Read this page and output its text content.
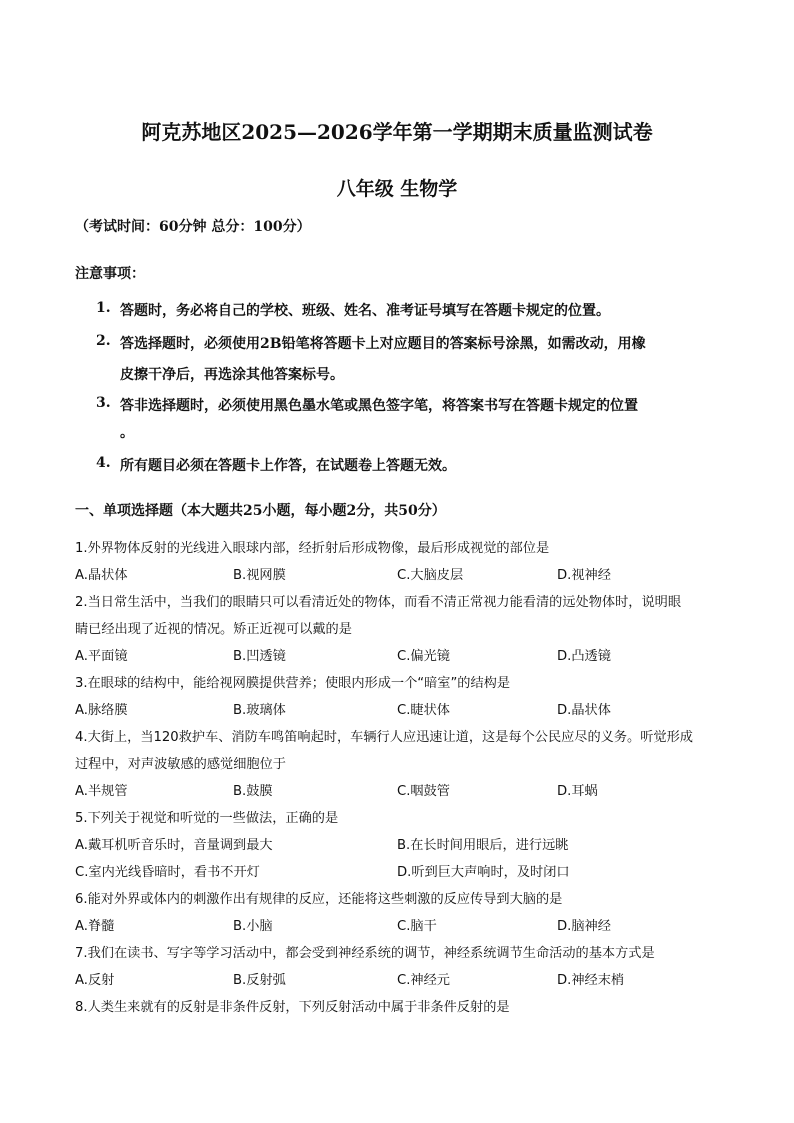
阿克苏地区2025—2026学年第一学期期末质量监测试卷
八年级 生物学
（考试时间：60分钟 总分：100分）
注意事项：
1. 答题时，务必将自己的学校、班级、姓名、准考证号填写在答题卡规定的位置。
2. 答选择题时，必须使用2B铅笔将答题卡上对应题目的答案标号涂黑，如需改动，用橡
皮擦干净后，再选涂其他答案标号。
3. 答非选择题时，必须使用黑色墨水笔或黑色签字笔，将答案书写在答题卡规定的位置
。
4. 所有题目必须在答题卡上作答，在试题卷上答题无效。
一、单项选择题（本大题共25小题，每小题2分，共50分）
1.外界物体反射的光线进入眼球内部，经折射后形成物像，最后形成视觉的部位是
A.晶状体	B.视网膜	C.大脑皮层	D.视神经
2.当日常生活中，当我们的眼睛只可以看清近处的物体，而看不清正常视力能看清的远处物体时，说明眼
睛已经出现了近视的情况。矫正近视可以戴的是
A.平面镜	B.凹透镜	C.偏光镜	D.凸透镜
3.在眼球的结构中，能给视网膜提供营养；使眼内形成一个“暗室”的结构是
A.脉络膜	B.玻璃体	C.睫状体	D.晶状体
4.大街上，当120救护车、消防车鸣笛响起时，车辆行人应迅速让道，这是每个公民应尽的义务。听觉形成
过程中，对声波敏感的感觉细胞位于
A.半规管	B.鼓膜	C.咽鼓管	D.耳蜗
5.下列关于视觉和听觉的一些做法，正确的是
A.戴耳机听音乐时，音量调到最大	B.在长时间用眼后，进行远眺
C.室内光线昏暗时，看书不开灯	D.听到巨大声响时，及时闭口
6.能对外界或体内的刺激作出有规律的反应，还能将这些刺激的反应传导到大脑的是
A.脊髓	B.小脑	C.脑干	D.脑神经
7.我们在读书、写字等学习活动中，都会受到神经系统的调节，神经系统调节生命活动的基本方式是
A.反射	B.反射弧	C.神经元	D.神经末梢
8.人类生来就有的反射是非条件反射，下列反射活动中属于非条件反射的是
